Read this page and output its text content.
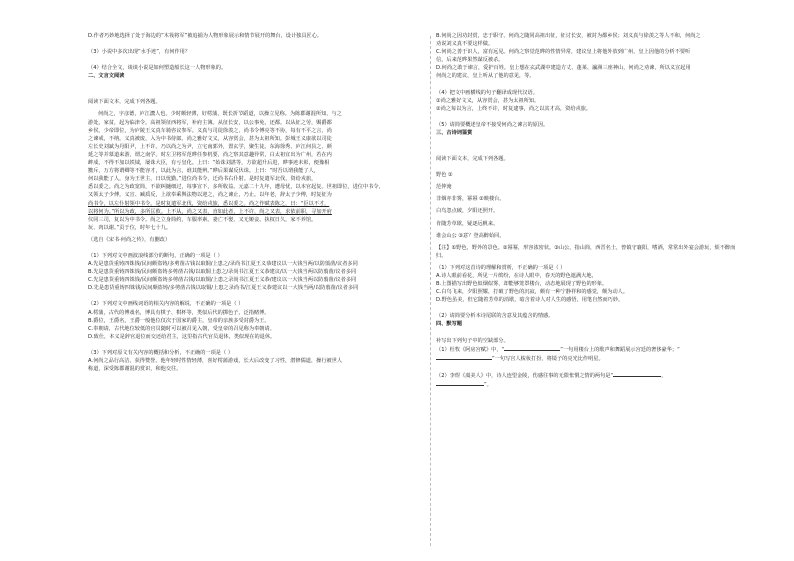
D.作者巧妙地选择了处于海边的“木筏将军”被追捕为人物形象展示和情节展开的舞台，设计独具匠心。

（3）小说中多次出现“水手迹”，有何作用？

（4）结合全文，谈谈小说是如何塑造船长这一人物形象的。

二、文言文阅读

阅读下面文本，完成下列各题。

何尚之，字彦德，庐江灊人也。少时颇轻薄，好樗蒲，既长折节蹈道，以操立见称。为陈郡谢混所知，与之

游处。家贫，起为临津令。高祖领征西将军，补府主簿。从征长安，以公事免，还都。以从征之劳，赐爵都

乡侯。少帝即位，为庐陵王义真车骑咨议参军。义真与司徒徐羡之、尚书令傅亮等不协，每有不平之言，尚

之谏戒，不纳。义真被废，入为中书侍郎。尚之雅好文义，从容赏会，甚为太祖所知。彭城王义康欲以司徒

左长史刘斌为丹阳尹，上不许。乃以尚之为尹，立宅南郭外，置玄学，聚生徒。东海徐秀、庐江何县之、颜

延之等并慕道来游，谓之南学。时左卫将军范晔任参机要，尚之察其意趣异常，白太祖宜出为广州，若在内

衅成，不得不加以铁钺，屡诛大臣，有亏皇化。上曰：“始诛刘湛等，方欲超升后进，晔事迹未彰，便豫相

黜斥，万方将谓卿等不能容才，以此为言，谁其能辨。”晔后果谋反伏诛。上曰：“时吾以谓我能了人，

何以我能了人，身为王世主，日以忧勤。”进位尚书令，迁尚书右仆射。是时复遣军北伐，资给戎旅，

悉以委之。尚之为政宽简，不欲纠擿细过，每事宣下，多所收益。元嘉二十九年，遭母忧，以本官起复。世祖即位，进位中书令，

又领太子少傅。义宣、臧质反，上欲奉乘舆法物以迎之，尚之谏止，乃止。以年老，辞太子少傅，时复征为

尚书令，以左仆射领中书令。是时复遣军北伐，资给戎旅，悉以委之。尚之作赋表陈之，曰：“臣以不才，

以将何为。”所以为政，多所匡救。上不从，尚之又表，直如此者，上不许，尚之又表，求依前职，寻加开府

仪同三司，复以为中书令。尚之立身简约，车服率素。妻亡不娶，又无姬妾。执权日久，家不养馆。

玩、肉以谢。”贡于位，时年七十九。

（选自《宋书·何尚之传》，有删改）

（1）下列对文中画波浪线部分的断句，正确的一项是（ ）

A.先是患货重铸四铢钱/民间颇盗铸/多剪凿古钱以取铜/上患之/录尚书江夏王义恭建议以一大钱当两/以防翦凿/议者多同

B.先是患货重铸四铢钱/民间颇盗铸多剪凿古钱/以取铜上患之/录尚书江夏王义恭建议/以一大钱当两以防翦凿/议者多同

C.先是患货重铸四铢钱/民间颇盗铸多剪凿古钱/以取铜/上患之录尚书江夏王义恭/建议以一大钱当两以防翦凿/议者多同

D.先是患货重铸四铢钱/民间颇盗铸/多剪凿古钱以取铜/上患之录尚书/江夏王义恭建议以一大钱当两/以防翦凿/议者多同

（2）下列对文中画线词语的相关内容的解说，不正确的一项是（ ）

A.樗蒲，古代的博戏名，博具有棋子、棋杯等，类似后代的掷色子，泛指赌博。

B.爵位，王爵名，王爵一般他位仅次于国家的爵主，皇帝的亲族多受封爵为王。

C.奉朝请，古代地位较低的官员随时可以被召见入朝，受皇帝的召见称为奉朝请。

D.致仕，本义是辞官退位而交还给君主，这里指古代官员退休，类似现在的退休。

（3）下列对原文有关内容的概括和分析，不正确的一项是（ ）

A.何尚之品行高洁，获得赞誉。他年轻时性情轻薄，喜好樗蒲游戏，长大后改变了习性，潜修儒道，操行被世人

称道，深受陈郡谢混的赏识，和他交往。

B.何尚之因功封赏，忠于职守。何尚之随同高祖出征，征讨长安，被封为都乡侯；刘义真与徐羡之等人不和，何尚之

劝说刘义真不要这样做。

C.何尚之善于识人，富有远见。何尚之察觉范晔的性情异常，建议皇上将他外放到广州，皇上因他的分析不要听

信，后来范晔果然谋反被杀。

D.何尚之敢于谏言，爱护百姓。皇上想在玄武湖中建造方丈、蓬莱、瀛洲三座神山，何尚之劝谏，所以义宣起用

何尚之的建议，皇上听从了他的意见，等。

（4）把文中画横线的句子翻译成现代汉语。

①尚之雅好文义，从容赏会，甚为太祖所知。

②尚之每以为言，上终不许，时复逮事，尚之以其才高，资给戎旅。

（5）请简要概述皇帝不接受何尚之谏言的原因。

三、古诗词鉴赏

阅读下面文本，完成下列各题。

野色 ①

范仲淹

非烟亦非雾，幂幂 ②映楼台。

白鸟忽点破，夕阳还照开。

肯随芳草歇，疑逐远帆来。

谁会山公 ③意？登高醉始回。

【注】①野色，野外的景色。②幂幂，形容浓密状。③山公，指山简，西晋名士，曾镇守襄阳，嗜酒，常常出外宴会游玩，烦不醉而归。

（1）下列对这首诗的理解和赏析，不正确的一项是（ ）

A.诗人眼前看花，所见一片缤纷，在诗人眼中，春天的野色遮满大地，

B.上图描写出野色似烟似雾，却能够笼罩楼台，动态地展现了野色的形象。

C.白鸟飞来，夕阳照耀，打破了野色的沉寂，颇有一种宁静祥和的感觉，颇为动人。

D.野色虽美，但它随着芳草的消歇，暗含着诗人对人生的感悟，用笔自然而巧妙。

（2）请简要分析本诗尾联的含意及其蕴含的情感。

四、默写题

补写出下列句子中的空缺部分。

（1）杜牧《阿房宫赋》中，“	”一句用楼台上的歌声和舞蹈展示宫廷的奢侈豪华；“

”一句写宫人梳妆打扮，将镜子的亮光比作明星。

（2）李煜《虞美人》中，诗人连望金陵，伤感往事的无限怅惘之情的两句是“	，

”。
